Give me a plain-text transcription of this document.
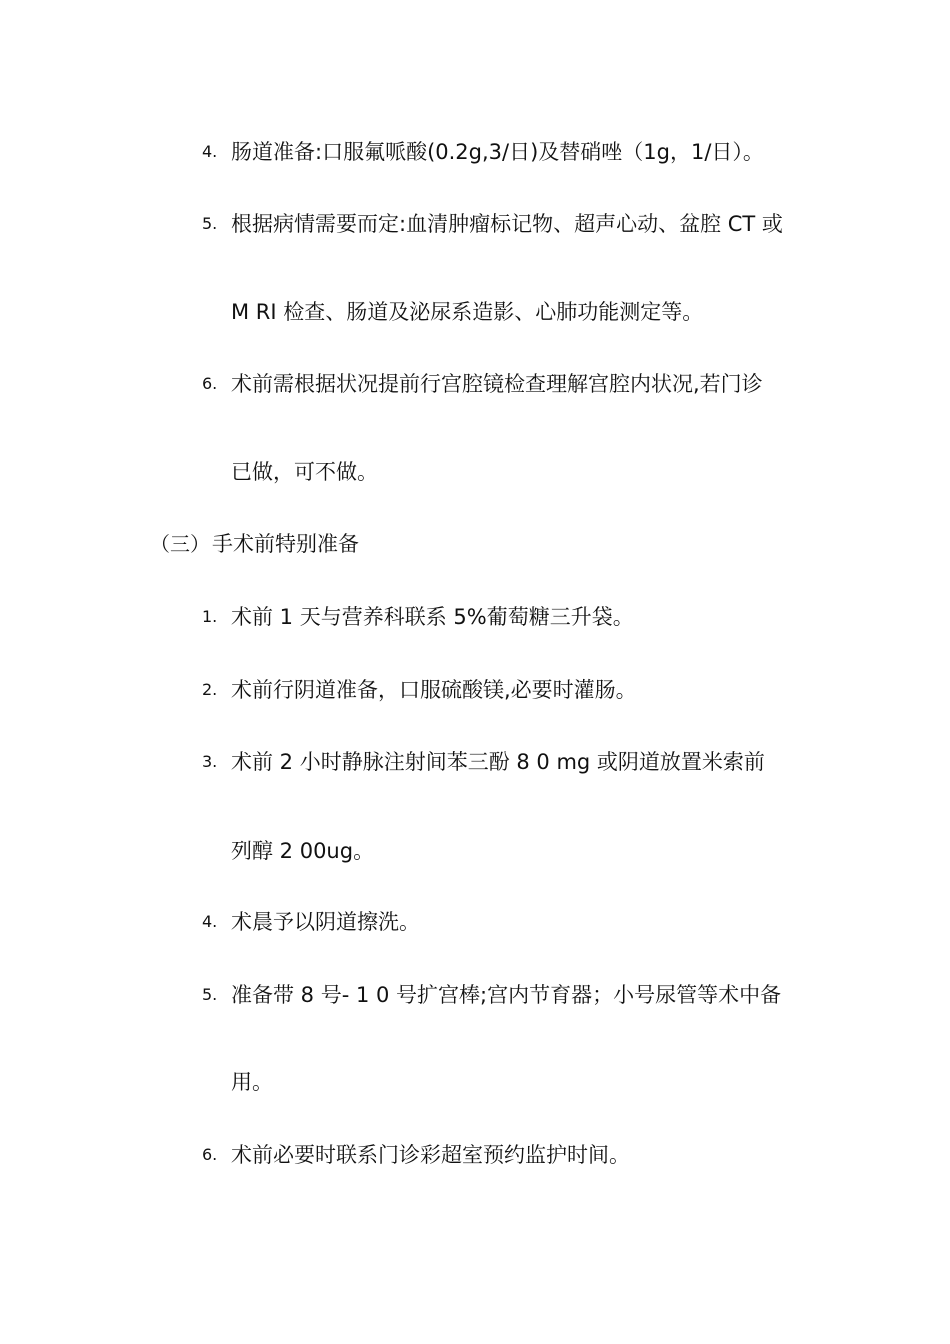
4. 肠道准备:口服氟哌酸(0.2g,3/日)及替硝唑（1g，1/日）。
5. 根据病情需要而定:血清肿瘤标记物、超声心动、盆腔 CT 或
M RI 检查、肠道及泌尿系造影、心肺功能测定等。
6. 术前需根据状况提前行宫腔镜检查理解宫腔内状况,若门诊
已做，可不做。
（三） 手术前特别准备
1. 术前 1 天与营养科联系 5%葡萄糖三升袋。
2. 术前行阴道准备，口服硫酸镁,必要时灌肠。
3. 术前 2 小时静脉注射间苯三酚 8 0 mg 或阴道放置米索前
列醇 2 00ug。
4. 术晨予以阴道擦洗。
5. 准备带 8 号- 1 0 号扩宫棒;宫内节育器；小号尿管等术中备
用。
6. 术前必要时联系门诊彩超室预约监护时间。
